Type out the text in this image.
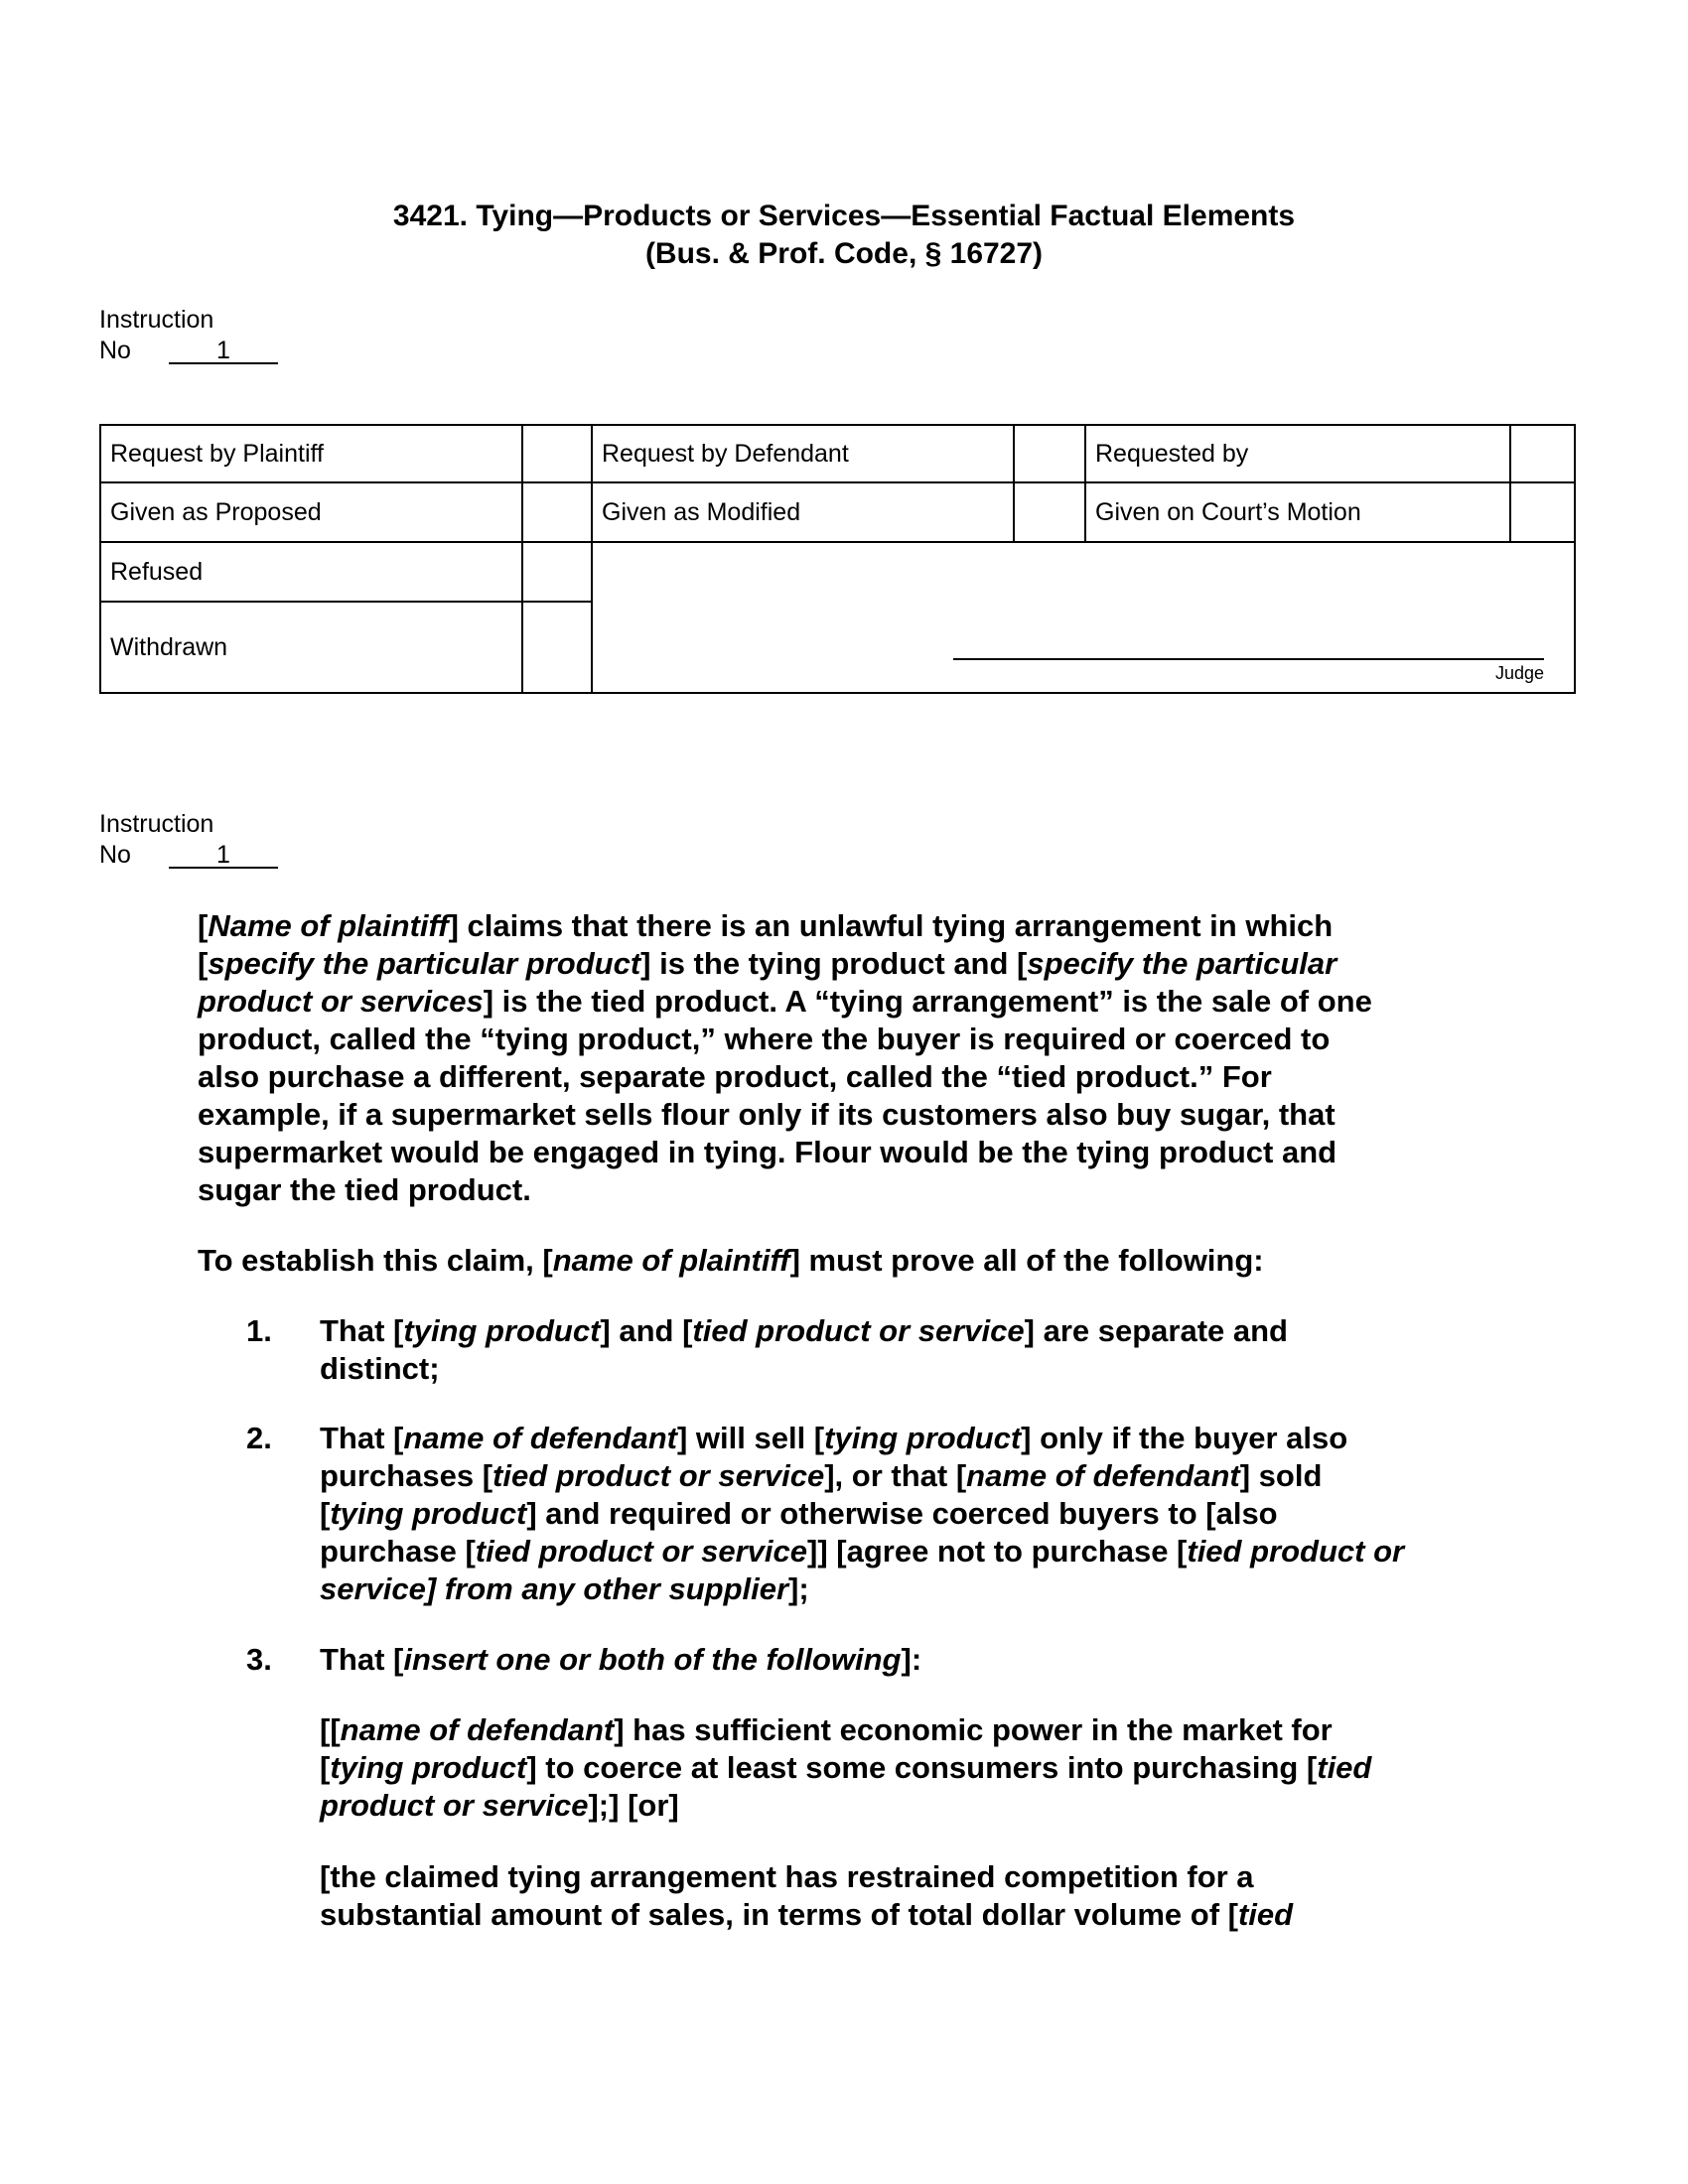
3421. Tying—Products or Services—Essential Factual Elements
(Bus. & Prof. Code, § 16727)
Instruction
No	1
Request by Plaintiff		Request by Defendant		Requested by	
Given as Proposed		Given as Modified		Given on Court’s Motion	
Refused					
Withdrawn					
Judge
Instruction
No	1
1.
2.
3.
[Name of plaintiff] claims that there is an unlawful tying arrangement in which
[specify the particular product] is the tying product and [specify the particular
product or services] is the tied product. A “tying arrangement” is the sale of one
product, called the “tying product,” where the buyer is required or coerced to
also purchase a different, separate product, called the “tied product.” For
example, if a supermarket sells flour only if its customers also buy sugar, that
supermarket would be engaged in tying. Flour would be the tying product and
sugar the tied product.
To establish this claim, [name of plaintiff] must prove all of the following:
That [tying product] and [tied product or service] are separate and
distinct;
That [name of defendant] will sell [tying product] only if the buyer also
purchases [tied product or service], or that [name of defendant] sold
[tying product] and required or otherwise coerced buyers to [also
purchase [tied product or service]] [agree not to purchase [tied product or
service] from any other supplier];
That [insert one or both of the following]:
[[name of defendant] has sufficient economic power in the market for
[tying product] to coerce at least some consumers into purchasing [tied
product or service];] [or]
[the claimed tying arrangement has restrained competition for a
substantial amount of sales, in terms of total dollar volume of [tied
